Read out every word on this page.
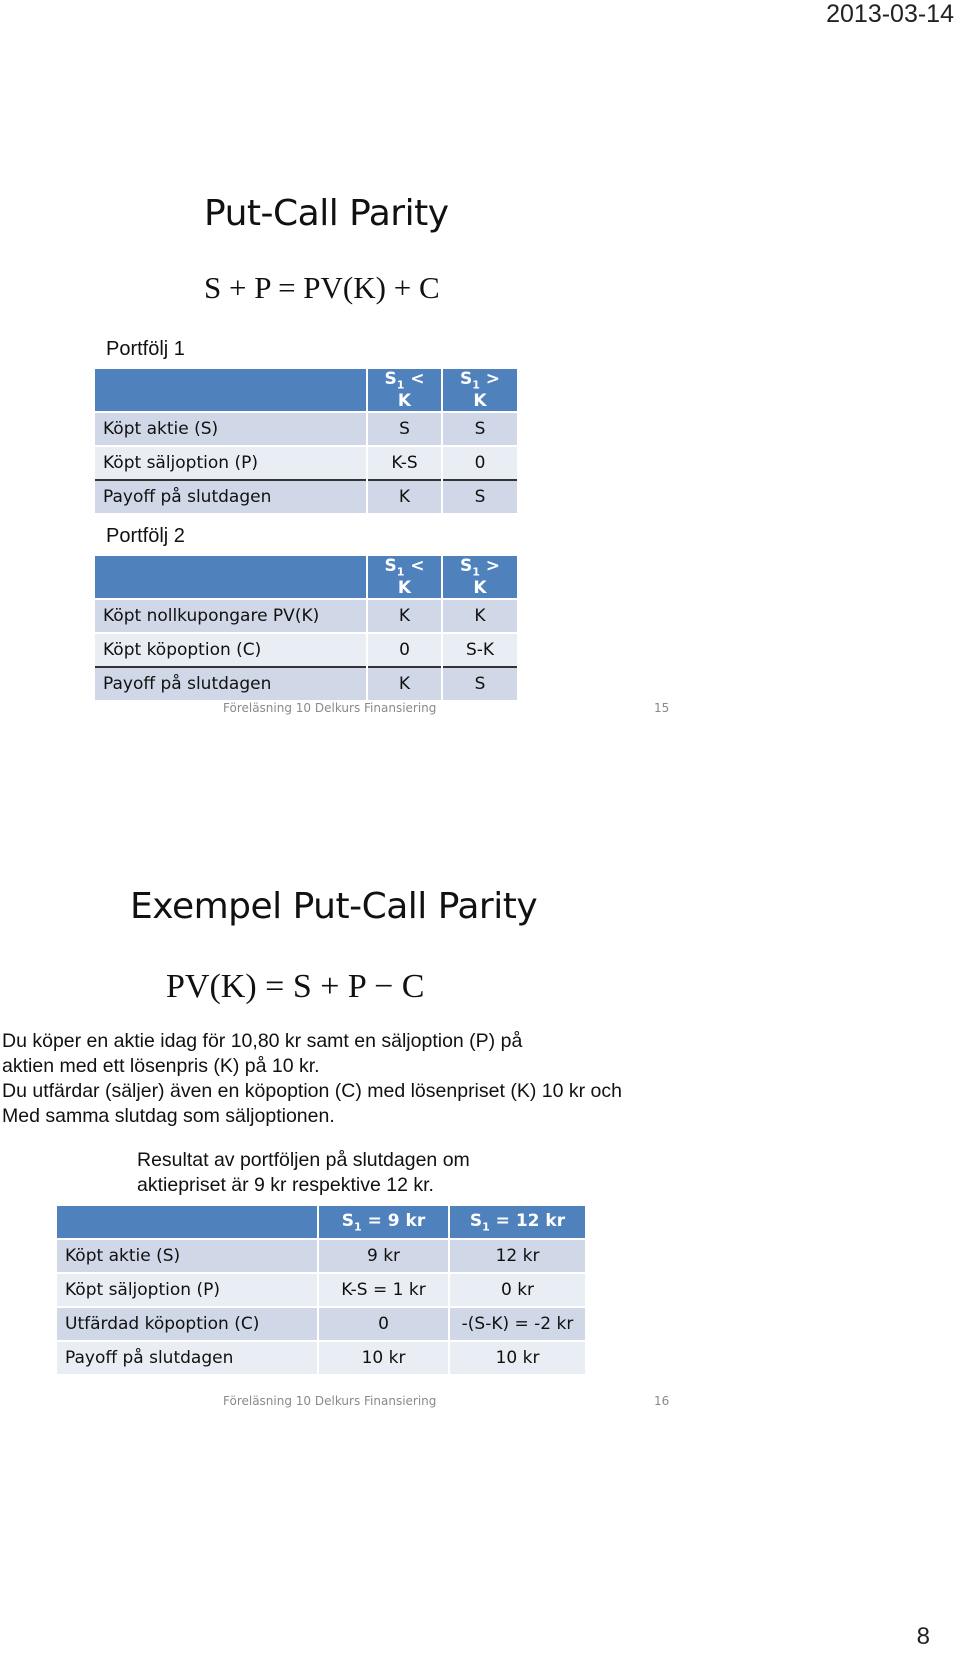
2013-03-14
8
Put-Call Parity
S + P = PV(K) + C
Portfölj 1
	$S_1 < K$	$S_1 > K$
Köpt aktie (S)	S	S
Köpt säljoption (P)	K-S	0
Payoff på slutdagen	K	S
Portfölj 2
	$S_1 < K$	$S_1 > K$
Köpt nollkupongare PV(K)	K	K
Köpt köpoption (C)	0	S-K
Payoff på slutdagen	K	S
Föreläsning 10 Delkurs Finansiering	15
Exempel Put-Call Parity
PV(K) = S + P − C
Du köper en aktie idag för 10,80 kr samt en säljoption (P) på
aktien med ett lösenpris (K) på 10 kr.
Du utfärdar (säljer) även en köpoption (C) med lösenpriset (K) 10 kr och
Med samma slutdag som säljoptionen.
Resultat av portföljen på slutdagen om
aktiepriset är 9 kr respektive 12 kr.
	$S_1 = 9$ kr	$S_1 = 12$ kr
Köpt aktie (S)	9 kr	12 kr
Köpt säljoption (P)	K-S = 1 kr	0 kr
Utfärdad köpoption (C)	0	-(S-K) = -2 kr
Payoff på slutdagen	10 kr	10 kr
Föreläsning 10 Delkurs Finansiering	16
